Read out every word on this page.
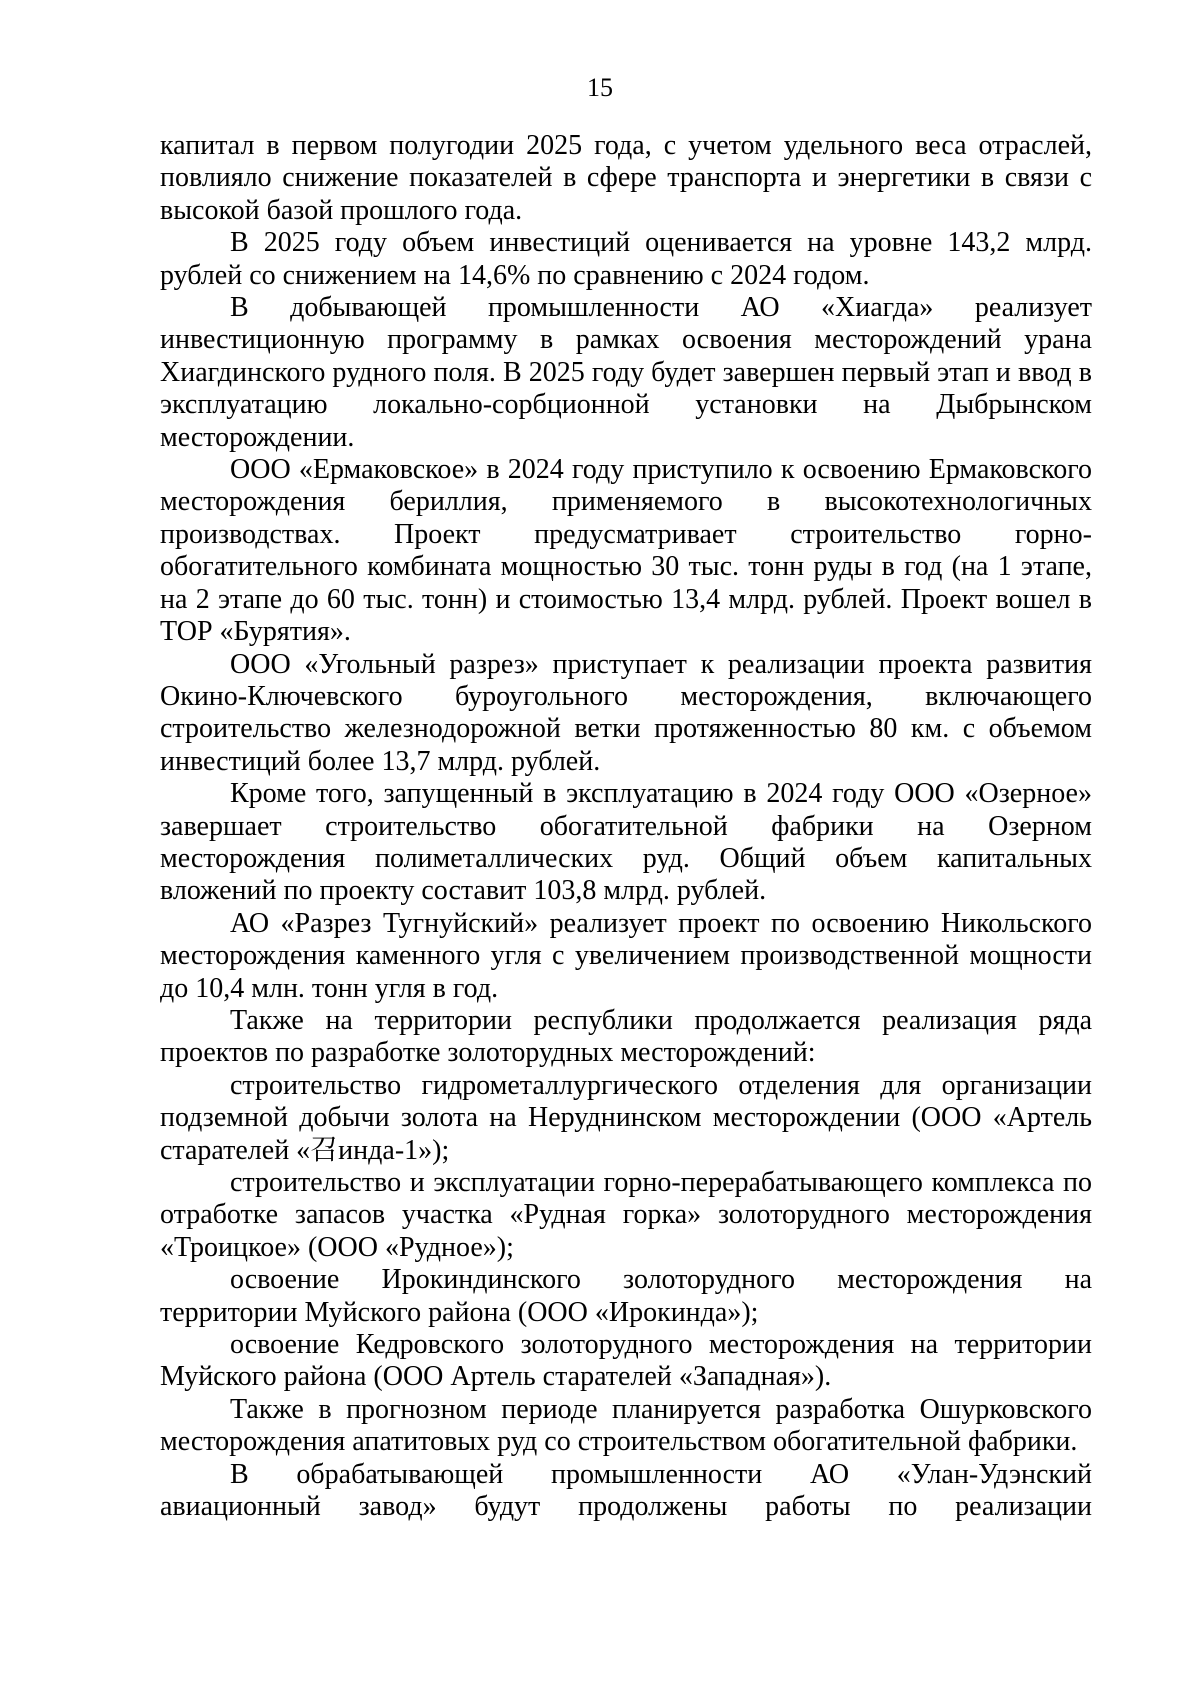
15

капитал в первом полугодии 2025 года, с учетом удельного веса отраслей, повлияло снижение показателей в сфере транспорта и энергетики в связи с высокой базой прошлого года.

В 2025 году объем инвестиций оценивается на уровне 143,2 млрд. рублей со снижением на 14,6% по сравнению с 2024 годом.

В добывающей промышленности АО «Хиагда» реализует инвестиционную программу в рамках освоения месторождений урана Хиагдинского рудного поля. В 2025 году будет завершен первый этап и ввод в эксплуатацию локально-сорбционной установки на Дыбрынском месторождении.

ООО «Ермаковское» в 2024 году приступило к освоению Ермаковского месторождения бериллия, применяемого в высокотехнологичных производствах. Проект предусматривает строительство горно-обогатительного комбината мощностью 30 тыс. тонн руды в год (на 1 этапе, на 2 этапе до 60 тыс. тонн) и стоимостью 13,4 млрд. рублей. Проект вошел в ТОР «Бурятия».

ООО «Угольный разрез» приступает к реализации проекта развития Окино-Ключевского буроугольного месторождения, включающего строительство железнодорожной ветки протяженностью 80 км. с объемом инвестиций более 13,7 млрд. рублей.

Кроме того, запущенный в эксплуатацию в 2024 году ООО «Озерное» завершает строительство обогатительной фабрики на Озерном месторождения полиметаллических руд. Общий объем капитальных вложений по проекту составит 103,8 млрд. рублей.

АО «Разрез Тугнуйский» реализует проект по освоению Никольского месторождения каменного угля с увеличением производственной мощности до 10,4 млн. тонн угля в год.

Также на территории республики продолжается реализация ряда проектов по разработке золоторудных месторождений:

строительство гидрометаллургического отделения для организации подземной добычи золота на Неруднинском месторождении (ООО «Артель старателей «召инда-1»);

строительство и эксплуатации горно-перерабатывающего комплекса по отработке запасов участка «Рудная горка» золоторудного месторождения «Троицкое» (ООО «Рудное»);

освоение Ирокиндинского золоторудного месторождения на территории Муйского района (ООО «Ирокинда»);

освоение Кедровского золоторудного месторождения на территории Муйского района (ООО Артель старателей «Западная»).

Также в прогнозном периоде планируется разработка Ошурковского месторождения апатитовых руд со строительством обогатительной фабрики.

В обрабатывающей промышленности АО «Улан-Удэнский авиационный завод» будут продолжены работы по реализации
